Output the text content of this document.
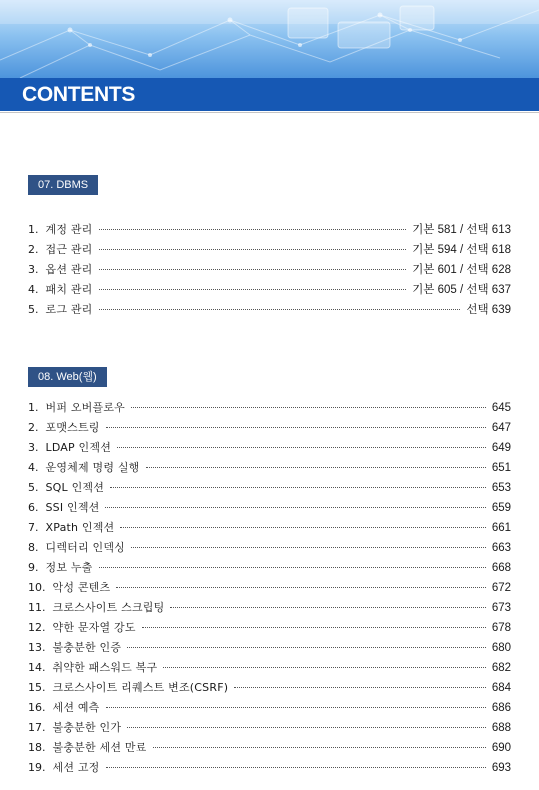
CONTENTS
07. DBMS
1. 계정 관리	기본 581 / 선택 613
2. 접근 관리	기본 594 / 선택 618
3. 옵션 관리	기본 601 / 선택 628
4. 패치 관리	기본 605 / 선택 637
5. 로그 관리	선택 639
08. Web(웹)
1. 버퍼 오버플로우	645
2. 포맷스트링	647
3. LDAP 인젝션	649
4. 운영체제 명령 실행	651
5. SQL 인젝션	653
6. SSI 인젝션	659
7. XPath 인젝션	661
8. 디렉터리 인덱싱	663
9. 정보 누출	668
10. 악성 콘텐츠	672
11. 크로스사이트 스크립팅	673
12. 약한 문자열 강도	678
13. 불충분한 인증	680
14. 취약한 패스워드 복구	682
15. 크로스사이트 리퀘스트 변조(CSRF)	684
16. 세션 예측	686
17. 불충분한 인가	688
18. 불충분한 세션 만료	690
19. 세션 고정	693
